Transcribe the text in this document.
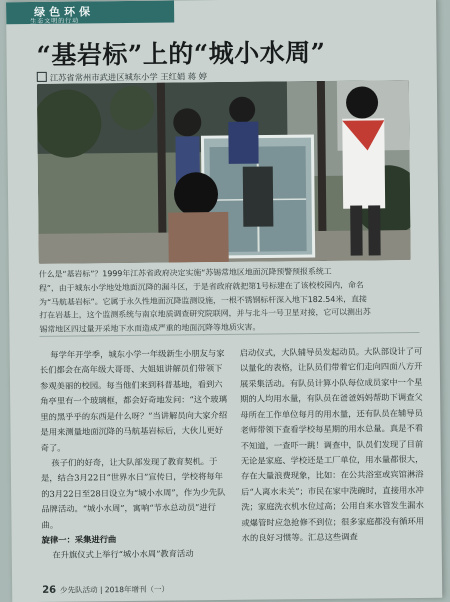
绿色环保
生态文明的行动
“基岩标”上的“城小水周”
江苏省常州市武进区城东小学 王红娟 蒋 婷
什么是“基岩标”？1999年江苏省政府决定实施“苏锡常地区地面沉降预警预报系统工
程”，由于城东小学地处地面沉降的漏斗区，于是省政府就把第1号标建在了该校校园内，命名
为“马航基岩标”。它属于永久性地面沉降监测设施，一根不锈钢标杆深入地下182.54米，直接
打在岩基上，这个监测系统与南京地质调查研究院联网，并与北斗一号卫星对接，它可以测出苏
锡常地区四过量开采地下水而造成严重的地面沉降等地质灾害。
每学年开学季，城东小学一年级新生小朋友与家长们都会在高年级大哥哥、大姐姐讲解员们带领下参观美丽的校园。每当他们来到科普基地，看到六角亭里有一个玻璃框，都会好奇地发问：“这个玻璃里的黑乎乎的东西是什么呀？”当讲解员向大家介绍是用来测量地面沉降的马航基岩标后，大伙儿更好奇了。
孩子们的好奇，让大队部发现了教育契机。于是，结合3月22日“世界水日”宣传日，学校将每年的3月22日至28日设立为“城小水周”，作为少先队品牌活动。“城小水周”，寓响“节水总动员”进行曲。

旋律一：采集进行曲
在升旗仪式上举行“城小水周”教育活动
启动仪式，大队辅导员发起动员。大队部设计了可以量化的表格，让队员们带着它们走向四面八方开展采集活动。有队员计算小队每位成员家中一个星期的人均用水量，有队员在爸爸妈妈帮助下调查父母所在工作单位每月的用水量，还有队员在辅导员老师带领下查看学校每星期的用水总量。真是不看不知道，一查吓一跳！调查中，队员们发现了目前无论是家庭、学校还是工厂单位，用水量都很大，存在大量浪费现象，比如：在公共浴室或宾馆淋浴后“人离水未关”；市民在家中洗碗时，直接用水冲洗；家庭洗衣机水位过高；公用自来水管发生漏水或爆管时应急抢修不到位；很多家庭都没有循环用水的良好习惯等。汇总这些调查
26 少先队活动 | 2018年增刊（一）
